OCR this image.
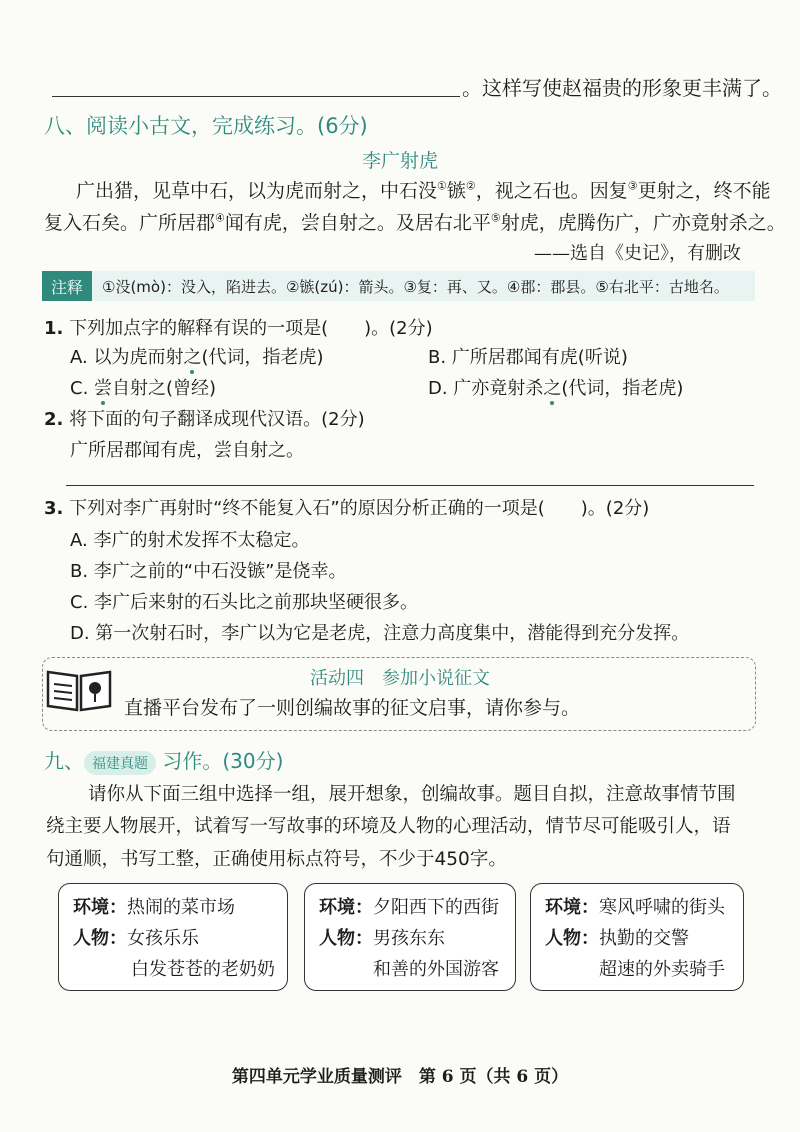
。这样写使赵福贵的形象更丰满了。
八、阅读小古文，完成练习。(6分)
李广射虎
广出猎，见草中石，以为虎而射之，中石没①镞②，视之石也。因复③更射之，终不能
复入石矣。广所居郡④闻有虎，尝自射之。及居右北平⑤射虎，虎腾伤广，广亦竟射杀之。
——选自《史记》，有删改
注释	①没(mò)：没入，陷进去。②镞(zú)：箭头。③复：再、又。④郡：郡县。⑤右北平：古地名。
1. 下列加点字的解释有误的一项是(　　)。(2分)
A. 以为虎而射之(代词，指老虎)	B. 广所居郡闻有虎(听说)
C. 尝自射之(曾经)	D. 广亦竟射杀之(代词，指老虎)
2. 将下面的句子翻译成现代汉语。(2分)
广所居郡闻有虎，尝自射之。
3. 下列对李广再射时“终不能复入石”的原因分析正确的一项是(　　)。(2分)
A. 李广的射术发挥不太稳定。
B. 李广之前的“中石没镞”是侥幸。
C. 李广后来射的石头比之前那块坚硬很多。
D. 第一次射石时，李广以为它是老虎，注意力高度集中，潜能得到充分发挥。
活动四　参加小说征文
直播平台发布了一则创编故事的征文启事，请你参与。
九、 福建真题 习作。(30分)
请你从下面三组中选择一组，展开想象，创编故事。题目自拟，注意故事情节围
绕主要人物展开，试着写一写故事的环境及人物的心理活动，情节尽可能吸引人，语
句通顺，书写工整，正确使用标点符号，不少于450字。
环境：热闹的菜市场
人物：女孩乐乐
白发苍苍的老奶奶
环境：夕阳西下的西街
人物：男孩东东
和善的外国游客
环境：寒风呼啸的街头
人物：执勤的交警
超速的外卖骑手
第四单元学业质量测评　第 6 页（共 6 页）
